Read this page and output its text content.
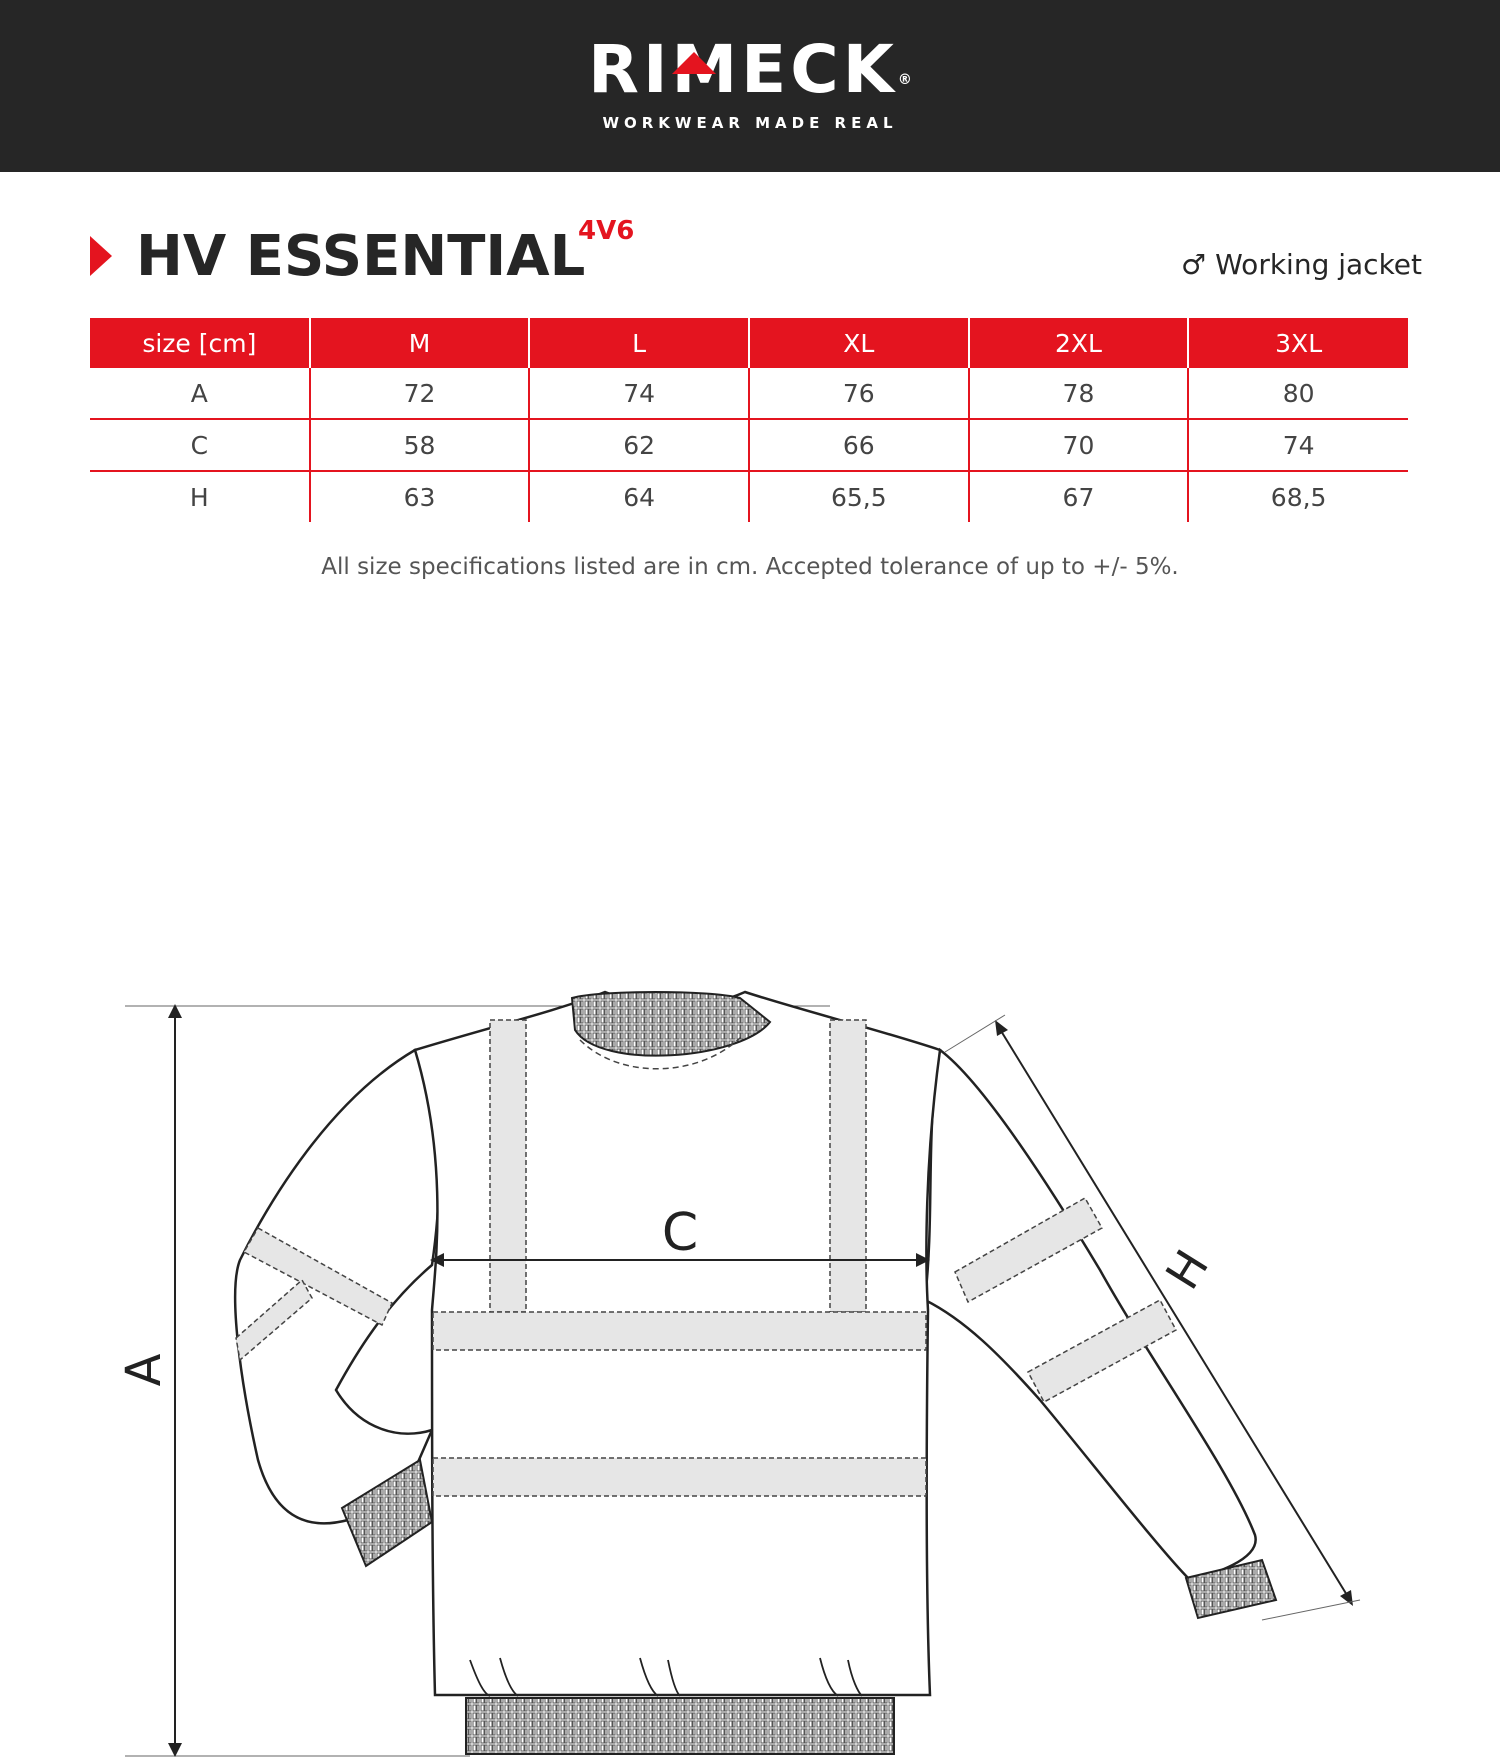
RIMECK®
WORKWEAR MADE REAL
HV ESSENTIAL
4V6
♂ Working jacket
size [cm]	M	L	XL	2XL	3XL
A	72	74	76	78	80
C	58	62	66	70	74
H	63	64	65,5	67	68,5
All size specifications listed are in cm. Accepted tolerance of up to +/- 5%.
A
C
H
